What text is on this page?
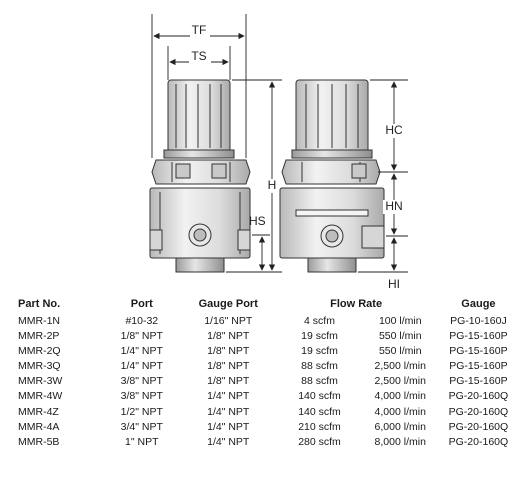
TF
TS
H
HS
HC
HN
HI
Part No.	Port	Gauge Port	Flow Rate		Gauge
MMR-1N	#10-32	1/16" NPT	4 scfm	100 l/min	PG-10-160J
MMR-2P	1/8" NPT	1/8" NPT	19 scfm	550 l/min	PG-15-160P
MMR-2Q	1/4" NPT	1/8" NPT	19 scfm	550 l/min	PG-15-160P
MMR-3Q	1/4" NPT	1/8" NPT	88 scfm	2,500 l/min	PG-15-160P
MMR-3W	3/8" NPT	1/8" NPT	88 scfm	2,500 l/min	PG-15-160P
MMR-4W	3/8" NPT	1/4" NPT	140 scfm	4,000 l/min	PG-20-160Q
MMR-4Z	1/2" NPT	1/4" NPT	140 scfm	4,000 l/min	PG-20-160Q
MMR-4A	3/4" NPT	1/4" NPT	210 scfm	6,000 l/min	PG-20-160Q
MMR-5B	1" NPT	1/4" NPT	280 scfm	8,000 l/min	PG-20-160Q
